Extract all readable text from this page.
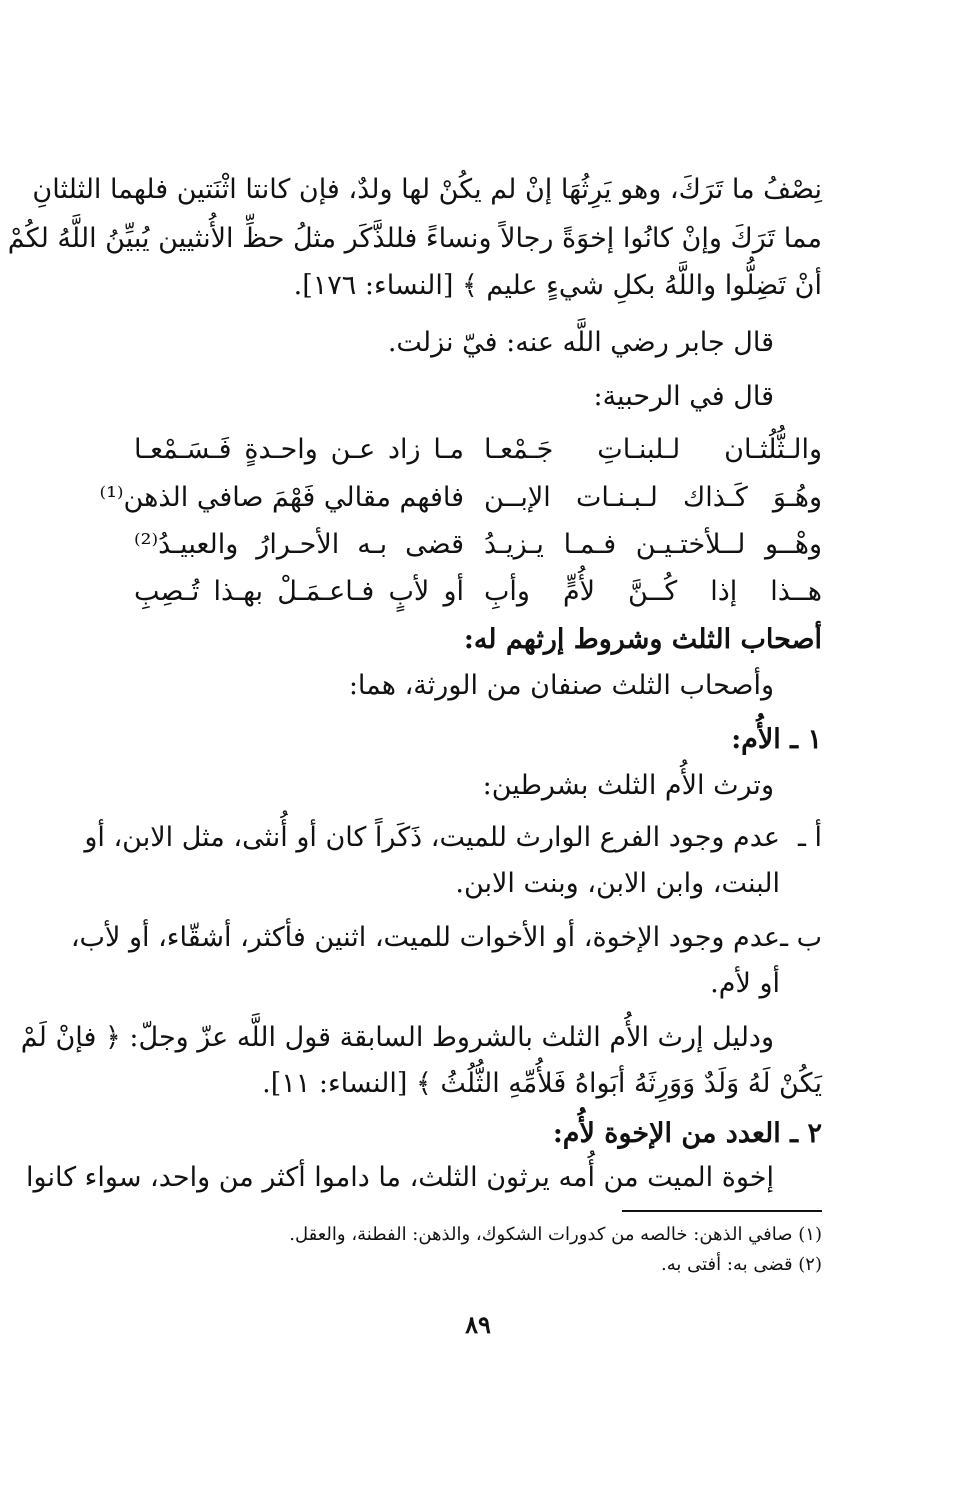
نِصْفُ ما تَرَكَ، وهو يَرِثُهَا إنْ لم يكُنْ لها ولدٌ، فإن كانتا اثْنَتين فلهما الثلثانِ
مما تَرَكَ وإنْ كانُوا إخوَةً رجالاً ونساءً فللذَّكَر مثلُ حظِّ الأُنثيين يُبيِّنُ اللَّهُ لكُمْ
أنْ تَضِلُّوا واللَّهُ بكلِ شيءٍ عليم ﴾ [النساء: ١٧٦].
قال جابر رضي اللَّه عنه: فيّ نزلت.
قال في الرحبية:
والـثُّلُثـان لـلبنـاتِ جَـمْعـا
مـا زاد عـن واحـدةٍ فَـسَـمْعـا
وهُـوَ كَـذاك لـبـنـات الإبــن
فافهم مقالي فَهْمَ صافي الذهن⁽¹⁾
وهْــو لــلأختـيـن فـمـا يـزيـدُ
قضى بـه الأحـرارُ والعبيـدُ⁽²⁾
هــذا إذا كُــنَّ لأُمٍّ وأبِ
أو لأبٍ فـاعـمَـلْ بهـذا تُـصِبِ
أصحاب الثلث وشروط إرثهم له:
وأصحاب الثلث صنفان من الورثة، هما:
١ ـ الأُم:
وترث الأُم الثلث بشرطين:
أ ـ
عدم وجود الفرع الوارث للميت، ذَكَراً كان أو أُنثى، مثل الابن، أو
البنت، وابن الابن، وبنت الابن.
ب ـ
عدم وجود الإخوة، أو الأخوات للميت، اثنين فأكثر، أشقّاء، أو لأب،
أو لأم.
ودليل إرث الأُم الثلث بالشروط السابقة قول اللَّه عزّ وجلّ: ﴿ فإنْ لَمْ
يَكُنْ لَهُ وَلَدٌ وَوَرِثَهُ أبَواهُ فَلأُمِّهِ الثُّلُثُ ﴾ [النساء: ١١].
٢ ـ العدد من الإخوة لأُم:
إخوة الميت من أُمه يرثون الثلث، ما داموا أكثر من واحد، سواء كانوا
(١) صافي الذهن: خالصه من كدورات الشكوك، والذهن: الفطنة، والعقل.
(٢) قضى به: أفتى به.
٨٩
